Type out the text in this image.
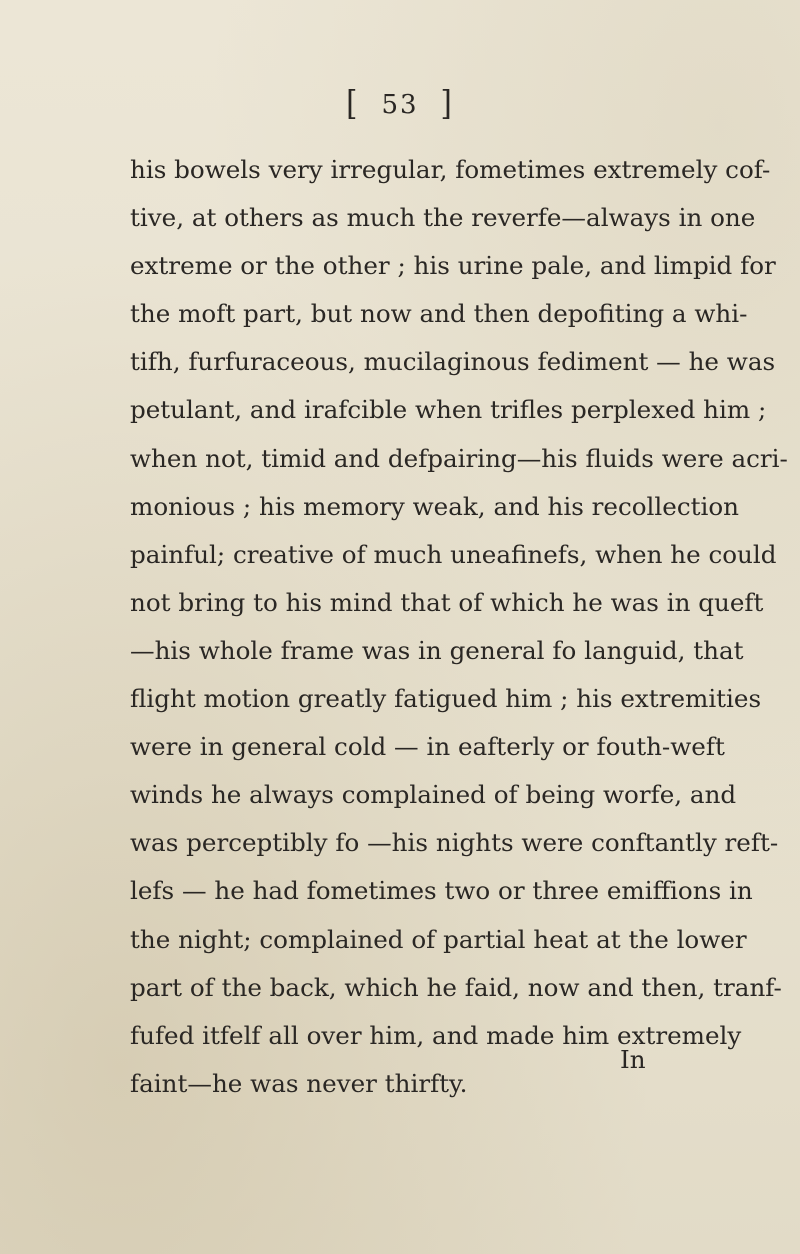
[ 53 ]
his bowels very irregular, fometimes extremely cof-
tive, at others as much the reverfe—always in one
extreme or the other ; his urine pale, and limpid for
the moft part, but now and then depofiting a whi-
tifh, furfuraceous, mucilaginous fediment — he was
petulant, and irafcible when trifles perplexed him ;
when not, timid and defpairing—his fluids were acri-
monious ; his memory weak, and his recollection
painful; creative of much uneafinefs, when he could
not bring to his mind that of which he was in queft
—his whole frame was in general fo languid, that
flight motion greatly fatigued him ; his extremities
were in general cold — in eafterly or fouth-weft
winds he always complained of being worfe, and
was perceptibly fo —his nights were conftantly reft-
lefs — he had fometimes two or three emiffions in
the night; complained of partial heat at the lower
part of the back, which he faid, now and then, tranf-
fufed itfelf all over him, and made him extremely
faint—he was never thirfty.
In
